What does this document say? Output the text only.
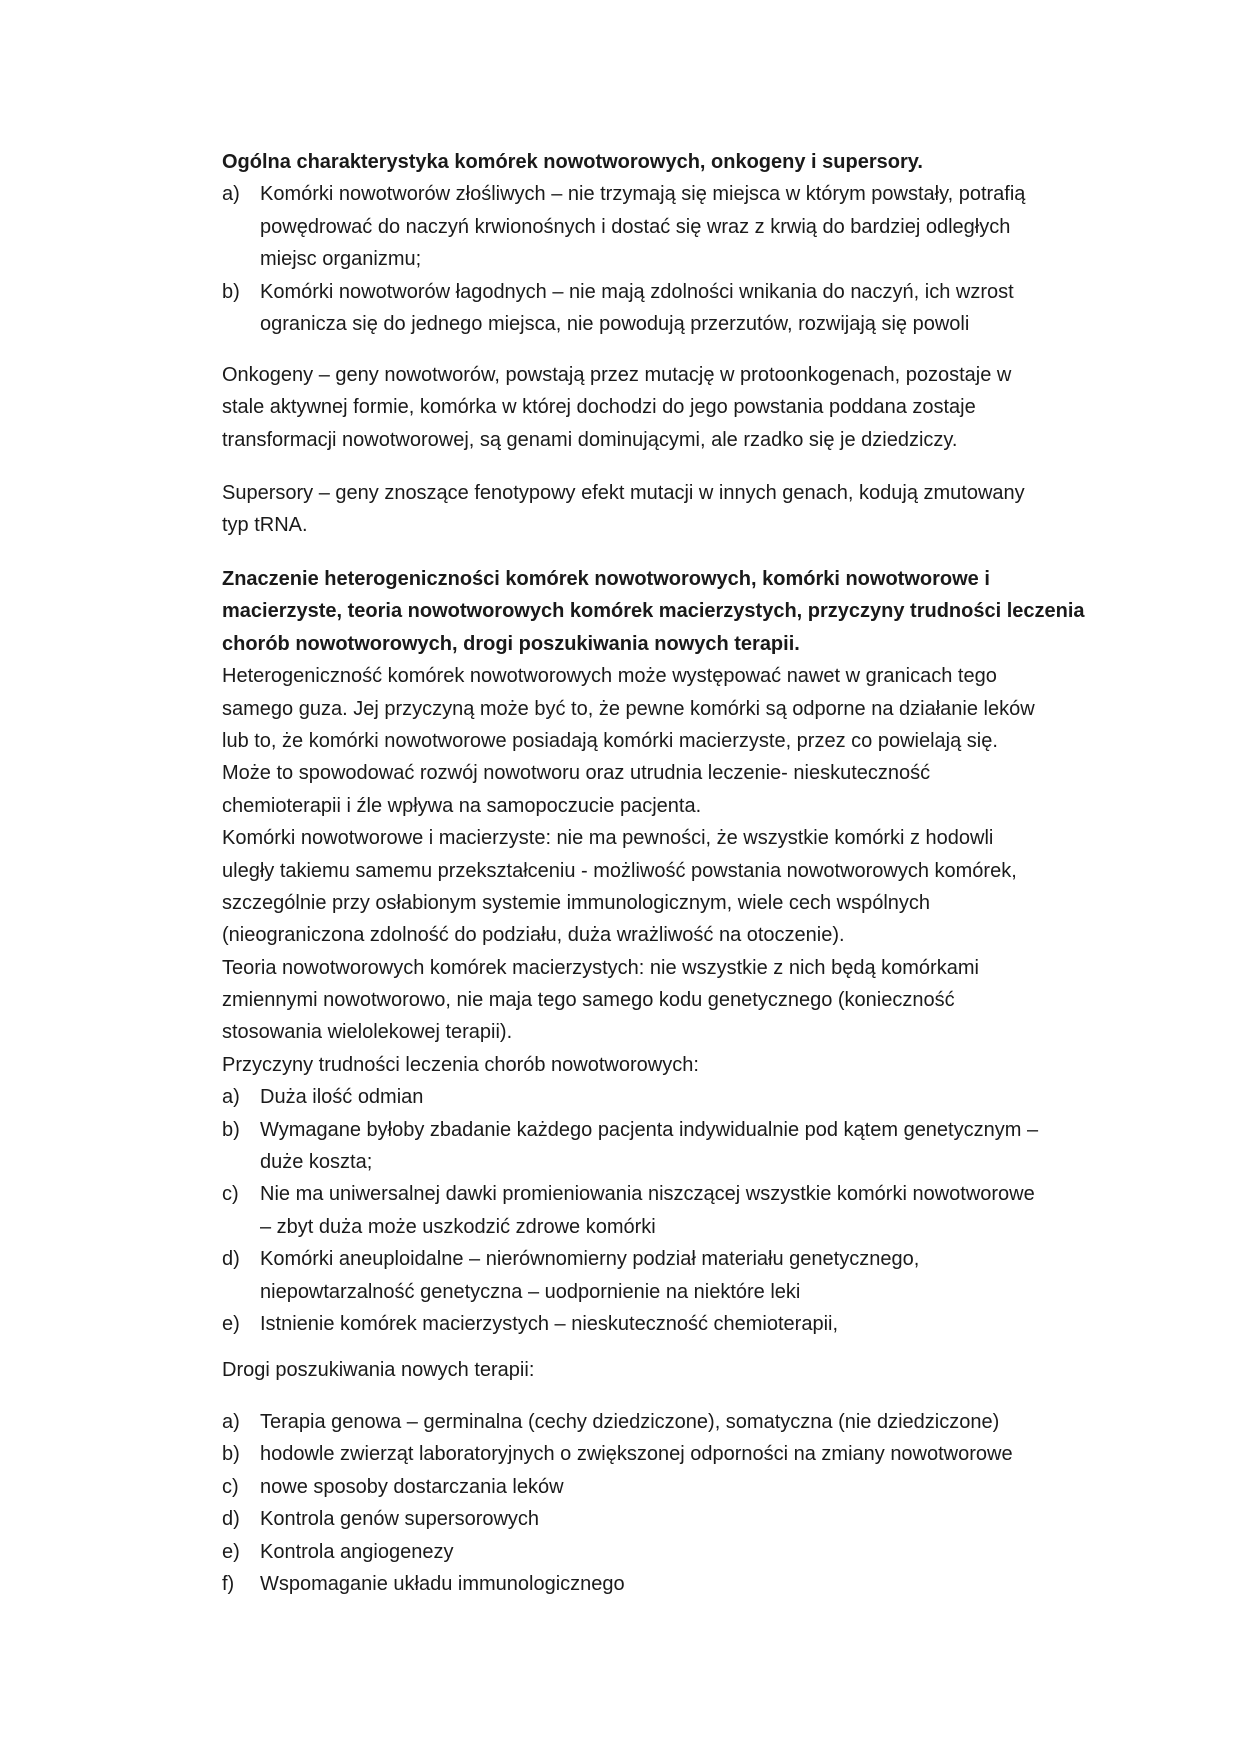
Ogólna charakterystyka komórek nowotworowych, onkogeny i supersory.
a) Komórki nowotworów złośliwych – nie trzymają się miejsca w którym powstały, potrafią
powędrować do naczyń krwionośnych i dostać się wraz z krwią do bardziej odległych
miejsc organizmu;
b) Komórki nowotworów łagodnych – nie mają zdolności wnikania do naczyń, ich wzrost
ogranicza się do jednego miejsca, nie powodują przerzutów, rozwijają się powoli
Onkogeny – geny nowotworów, powstają przez mutację w protoonkogenach, pozostaje w
stale aktywnej formie, komórka w której dochodzi do jego powstania poddana zostaje
transformacji nowotworowej, są genami dominującymi, ale rzadko się je dziedziczy.
Supersory – geny znoszące fenotypowy efekt mutacji w innych genach, kodują zmutowany
typ tRNA.
Znaczenie heterogeniczności komórek nowotworowych, komórki nowotworowe i
macierzyste, teoria nowotworowych komórek macierzystych, przyczyny trudności leczenia
chorób nowotworowych, drogi poszukiwania nowych terapii.
Heterogeniczność komórek nowotworowych może występować nawet w granicach tego
samego guza. Jej przyczyną może być to, że pewne komórki są odporne na działanie leków
lub to, że komórki nowotworowe posiadają komórki macierzyste, przez co powielają się.
Może to spowodować rozwój nowotworu oraz utrudnia leczenie- nieskuteczność
chemioterapii i źle wpływa na samopoczucie pacjenta.
Komórki nowotworowe i macierzyste: nie ma pewności, że wszystkie komórki z hodowli
uległy takiemu samemu przekształceniu - możliwość powstania nowotworowych komórek,
szczególnie przy osłabionym systemie immunologicznym, wiele cech wspólnych
(nieograniczona zdolność do podziału, duża wrażliwość na otoczenie).
Teoria nowotworowych komórek macierzystych: nie wszystkie z nich będą komórkami
zmiennymi nowotworowo, nie maja tego samego kodu genetycznego (konieczność
stosowania wielolekowej terapii).
Przyczyny trudności leczenia chorób nowotworowych:
a) Duża ilość odmian
b) Wymagane byłoby zbadanie każdego pacjenta indywidualnie pod kątem genetycznym –
duże koszta;
c) Nie ma uniwersalnej dawki promieniowania niszczącej wszystkie komórki nowotworowe
– zbyt duża może uszkodzić zdrowe komórki
d) Komórki aneuploidalne – nierównomierny podział materiału genetycznego,
niepowtarzalność genetyczna – uodpornienie na niektóre leki
e) Istnienie komórek macierzystych – nieskuteczność chemioterapii,
Drogi poszukiwania nowych terapii:
a) Terapia genowa – germinalna (cechy dziedziczone), somatyczna (nie dziedziczone)
b) hodowle zwierząt laboratoryjnych o zwiększonej odporności na zmiany nowotworowe
c) nowe sposoby dostarczania leków
d) Kontrola genów supersorowych
e) Kontrola angiogenezy
f) Wspomaganie układu immunologicznego
